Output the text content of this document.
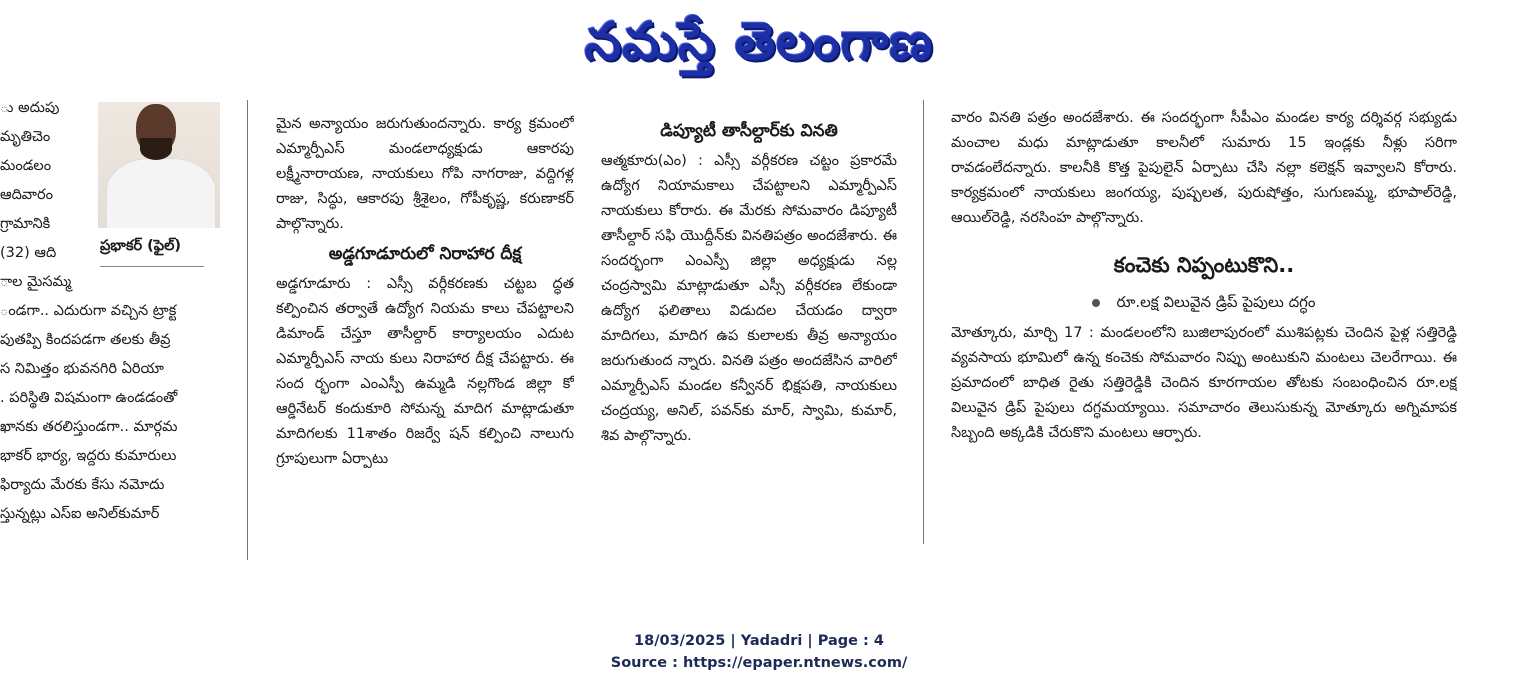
నమస్తే తెలంగాణ
ు అదుపు
మృతిచెం
మండలం
ఆదివారం
గ్రామానికి
(32) ఆది
ాల మైసమ్మ
ండగా.. ఎదురుగా వచ్చిన ట్రాక్ట
పుతప్పి కిందపడగా తలకు తీవ్ర
స నిమిత్తం భువనగిరి ఏరియా
. పరిస్థితి విషమంగా ఉండడంతో
ఖానకు తరలిస్తుండగా.. మార్గమ
భాకర్ భార్య, ఇద్దరు కుమారులు
ఫిర్యాదు మేరకు కేసు నమోదు
స్తున్నట్లు ఎస్ఐ అనిల్‌కుమార్
ప్రభాకర్ (ఫైల్)

మైన అన్యాయం జరుగుతుందన్నారు. కార్య క్రమంలో ఎమ్మార్పీఎస్ మండలాధ్యక్షుడు ఆకారపు లక్ష్మీనారాయణ, నాయకులు గోపి నాగరాజు, వద్దిగళ్ల రాజు, సిద్ధు, ఆకారపు శ్రీశైలం, గోపీకృష్ణ, కరుణాకర్ పాల్గొన్నారు.

అడ్డగూడూరులో నిరాహార దీక్ష

అడ్డగూడూరు : ఎస్సీ వర్గీకరణకు చట్టబ ద్ధత కల్పించిన తర్వాతే ఉద్యోగ నియమ కాలు చేపట్టాలని డిమాండ్ చేస్తూ తాసీల్దార్ కార్యాలయం ఎదుట ఎమ్మార్పీఎస్ నాయ కులు నిరాహార దీక్ష చేపట్టారు. ఈ సంద ర్భంగా ఎంఎస్పీ ఉమ్మడి నల్లగొండ జిల్లా కో ఆర్డినేటర్ కందుకూరి సోమన్న మాదిగ మాట్లాడుతూ మాదిగలకు 11శాతం రిజర్వే షన్ కల్పించి నాలుగు గ్రూపులుగా ఏర్పాటు

డిప్యూటీ తాసీల్దార్‌కు వినతి

ఆత్మకూరు(ఎం) : ఎస్సీ వర్గీకరణ చట్టం ప్రకారమే ఉద్యోగ నియామకాలు చేపట్టాలని ఎమ్మార్పీఎస్ నాయకులు కోరారు. ఈ మేరకు సోమవారం డిప్యూటీ తాసీల్దార్ సఫి యొద్దీన్‌కు వినతిపత్రం అందజేశారు. ఈ సందర్భంగా ఎంఎస్పీ జిల్లా అధ్యక్షుడు నల్ల చంద్రస్వామి మాట్లాడుతూ ఎస్సీ వర్గీకరణ లేకుండా ఉద్యోగ ఫలితాలు విడుదల చేయడం ద్వారా మాదిగలు, మాదిగ ఉప కులాలకు తీవ్ర అన్యాయం జరుగుతుంద న్నారు. వినతి పత్రం అందజేసిన వారిలో ఎమ్మార్పీఎస్ మండల కన్వీనర్ భిక్షపతి, నాయకులు చంద్రయ్య, అనిల్, పవన్‌కు మార్, స్వామి, కుమార్, శివ పాల్గొన్నారు.

వారం వినతి పత్రం అందజేశారు. ఈ సందర్భంగా సీపీఎం మండల కార్య దర్శివర్గ సభ్యుడు మంచాల మధు మాట్లాడుతూ కాలనీలో సుమారు 15 ఇండ్లకు నీళ్లు సరిగా రావడంలేదన్నారు. కాలనీకి కొత్త పైపులైన్ ఏర్పాటు చేసి నల్లా కలెక్షన్ ఇవ్వాలని కోరారు. కార్యక్రమంలో నాయకులు జంగయ్య, పుష్పలత, పురుషోత్తం, సుగుణమ్మ, భూపాల్‌రెడ్డి, ఆయిల్‌రెడ్డి, నరసింహ పాల్గొన్నారు.

కంచెకు నిప్పంటుకొని..
రూ.లక్ష విలువైన డ్రిప్ పైపులు దగ్ధం

మోత్కూరు, మార్చి 17 : మండలంలోని బుజిలాపురంలో ముశిపట్లకు చెందిన పైళ్ల సత్తిరెడ్డి వ్యవసాయ భూమిలో ఉన్న కంచెకు సోమవారం నిప్పు అంటుకుని మంటలు చెలరేగాయి. ఈ ప్రమాదంలో బాధిత రైతు సత్తిరెడ్డికి చెందిన కూరగాయల తోటకు సంబంధించిన రూ.లక్ష విలువైన డ్రిప్ పైపులు దగ్ధమయ్యాయి. సమాచారం తెలుసుకున్న మోత్కూరు అగ్నిమాపక సిబ్బంది అక్కడికి చేరుకొని మంటలు ఆర్పారు.

18/03/2025 | Yadadri | Page : 4
Source : https://epaper.ntnews.com/
